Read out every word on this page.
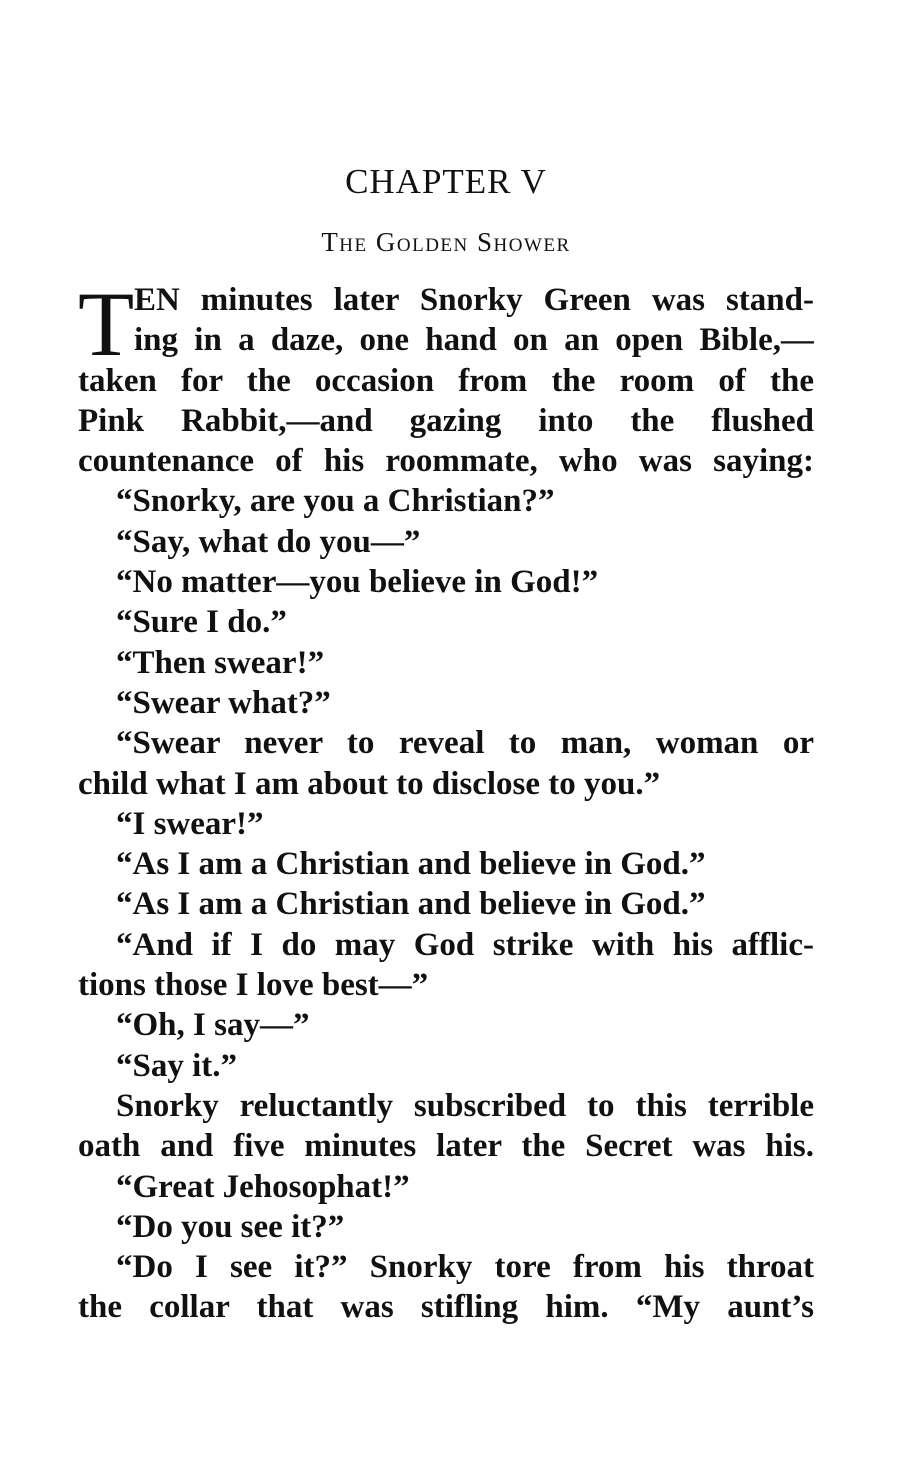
CHAPTER V
The Golden Shower
T EN minutes later Snorky Green was stand-
ing in a daze, one hand on an open Bible,—
taken for the occasion from the room of the
Pink Rabbit,—and gazing into the flushed
countenance of his roommate, who was saying:
“Snorky, are you a Christian?”
“Say, what do you—”
“No matter—you believe in God!”
“Sure I do.”
“Then swear!”
“Swear what?”
“Swear never to reveal to man, woman or
child what I am about to disclose to you.”
“I swear!”
“As I am a Christian and believe in God.”
“As I am a Christian and believe in God.”
“And if I do may God strike with his afflic-
tions those I love best—”
“Oh, I say—”
“Say it.”
Snorky reluctantly subscribed to this terrible
oath and five minutes later the Secret was his.
“Great Jehosophat!”
“Do you see it?”
“Do I see it?” Snorky tore from his throat
the collar that was stifling him. “My aunt’s
